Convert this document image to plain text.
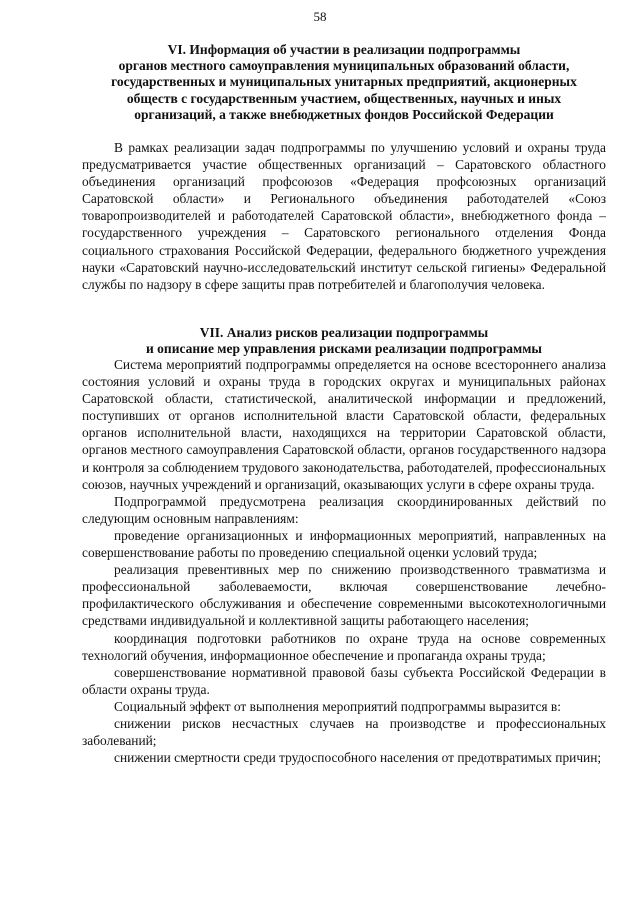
58
VI. Информация об участии в реализации подпрограммы
органов местного самоуправления муниципальных образований области,
государственных и муниципальных унитарных предприятий, акционерных
обществ с государственным участием, общественных, научных и иных
организаций, а также внебюджетных фондов Российской Федерации

В рамках реализации задач подпрограммы по улучшению условий и охраны труда предусматривается участие общественных организаций – Саратовского областного объединения организаций профсоюзов «Федерация профсоюзных организаций Саратовской области» и Регионального объединения работодателей «Союз товаропроизводителей и работодателей Саратовской области», внебюджетного фонда – государственного учреждения – Саратовского регионального отделения Фонда социального страхования Российской Федерации, федерального бюджетного учреждения науки «Саратовский научно-исследовательский институт сельской гигиены» Федеральной службы по надзору в сфере защиты прав потребителей и благополучия человека.

VII. Анализ рисков реализации подпрограммы
и описание мер управления рисками реализации подпрограммы

Система мероприятий подпрограммы определяется на основе всестороннего анализа состояния условий и охраны труда в городских округах и муниципальных районах Саратовской области, статистической, аналитической информации и предложений, поступивших от органов исполнительной власти Саратовской области, федеральных органов исполнительной власти, находящихся на территории Саратовской области, органов местного самоуправления Саратовской области, органов государственного надзора и контроля за соблюдением трудового законодательства, работодателей, профессиональных союзов, научных учреждений и организаций, оказывающих услуги в сфере охраны труда.

Подпрограммой предусмотрена реализация скоординированных действий по следующим основным направлениям:

проведение организационных и информационных мероприятий, направленных на совершенствование работы по проведению специальной оценки условий труда;

реализация превентивных мер по снижению производственного травматизма и профессиональной заболеваемости, включая совершенствование лечебно-профилактического обслуживания и обеспечение современными высокотехнологичными средствами индивидуальной и коллективной защиты работающего населения;

координация подготовки работников по охране труда на основе современных технологий обучения, информационное обеспечение и пропаганда охраны труда;

совершенствование нормативной правовой базы субъекта Российской Федерации в области охраны труда.

Социальный эффект от выполнения мероприятий подпрограммы выразится в:

снижении рисков несчастных случаев на производстве и профессиональных заболеваний;

снижении смертности среди трудоспособного населения от предотвратимых причин;
